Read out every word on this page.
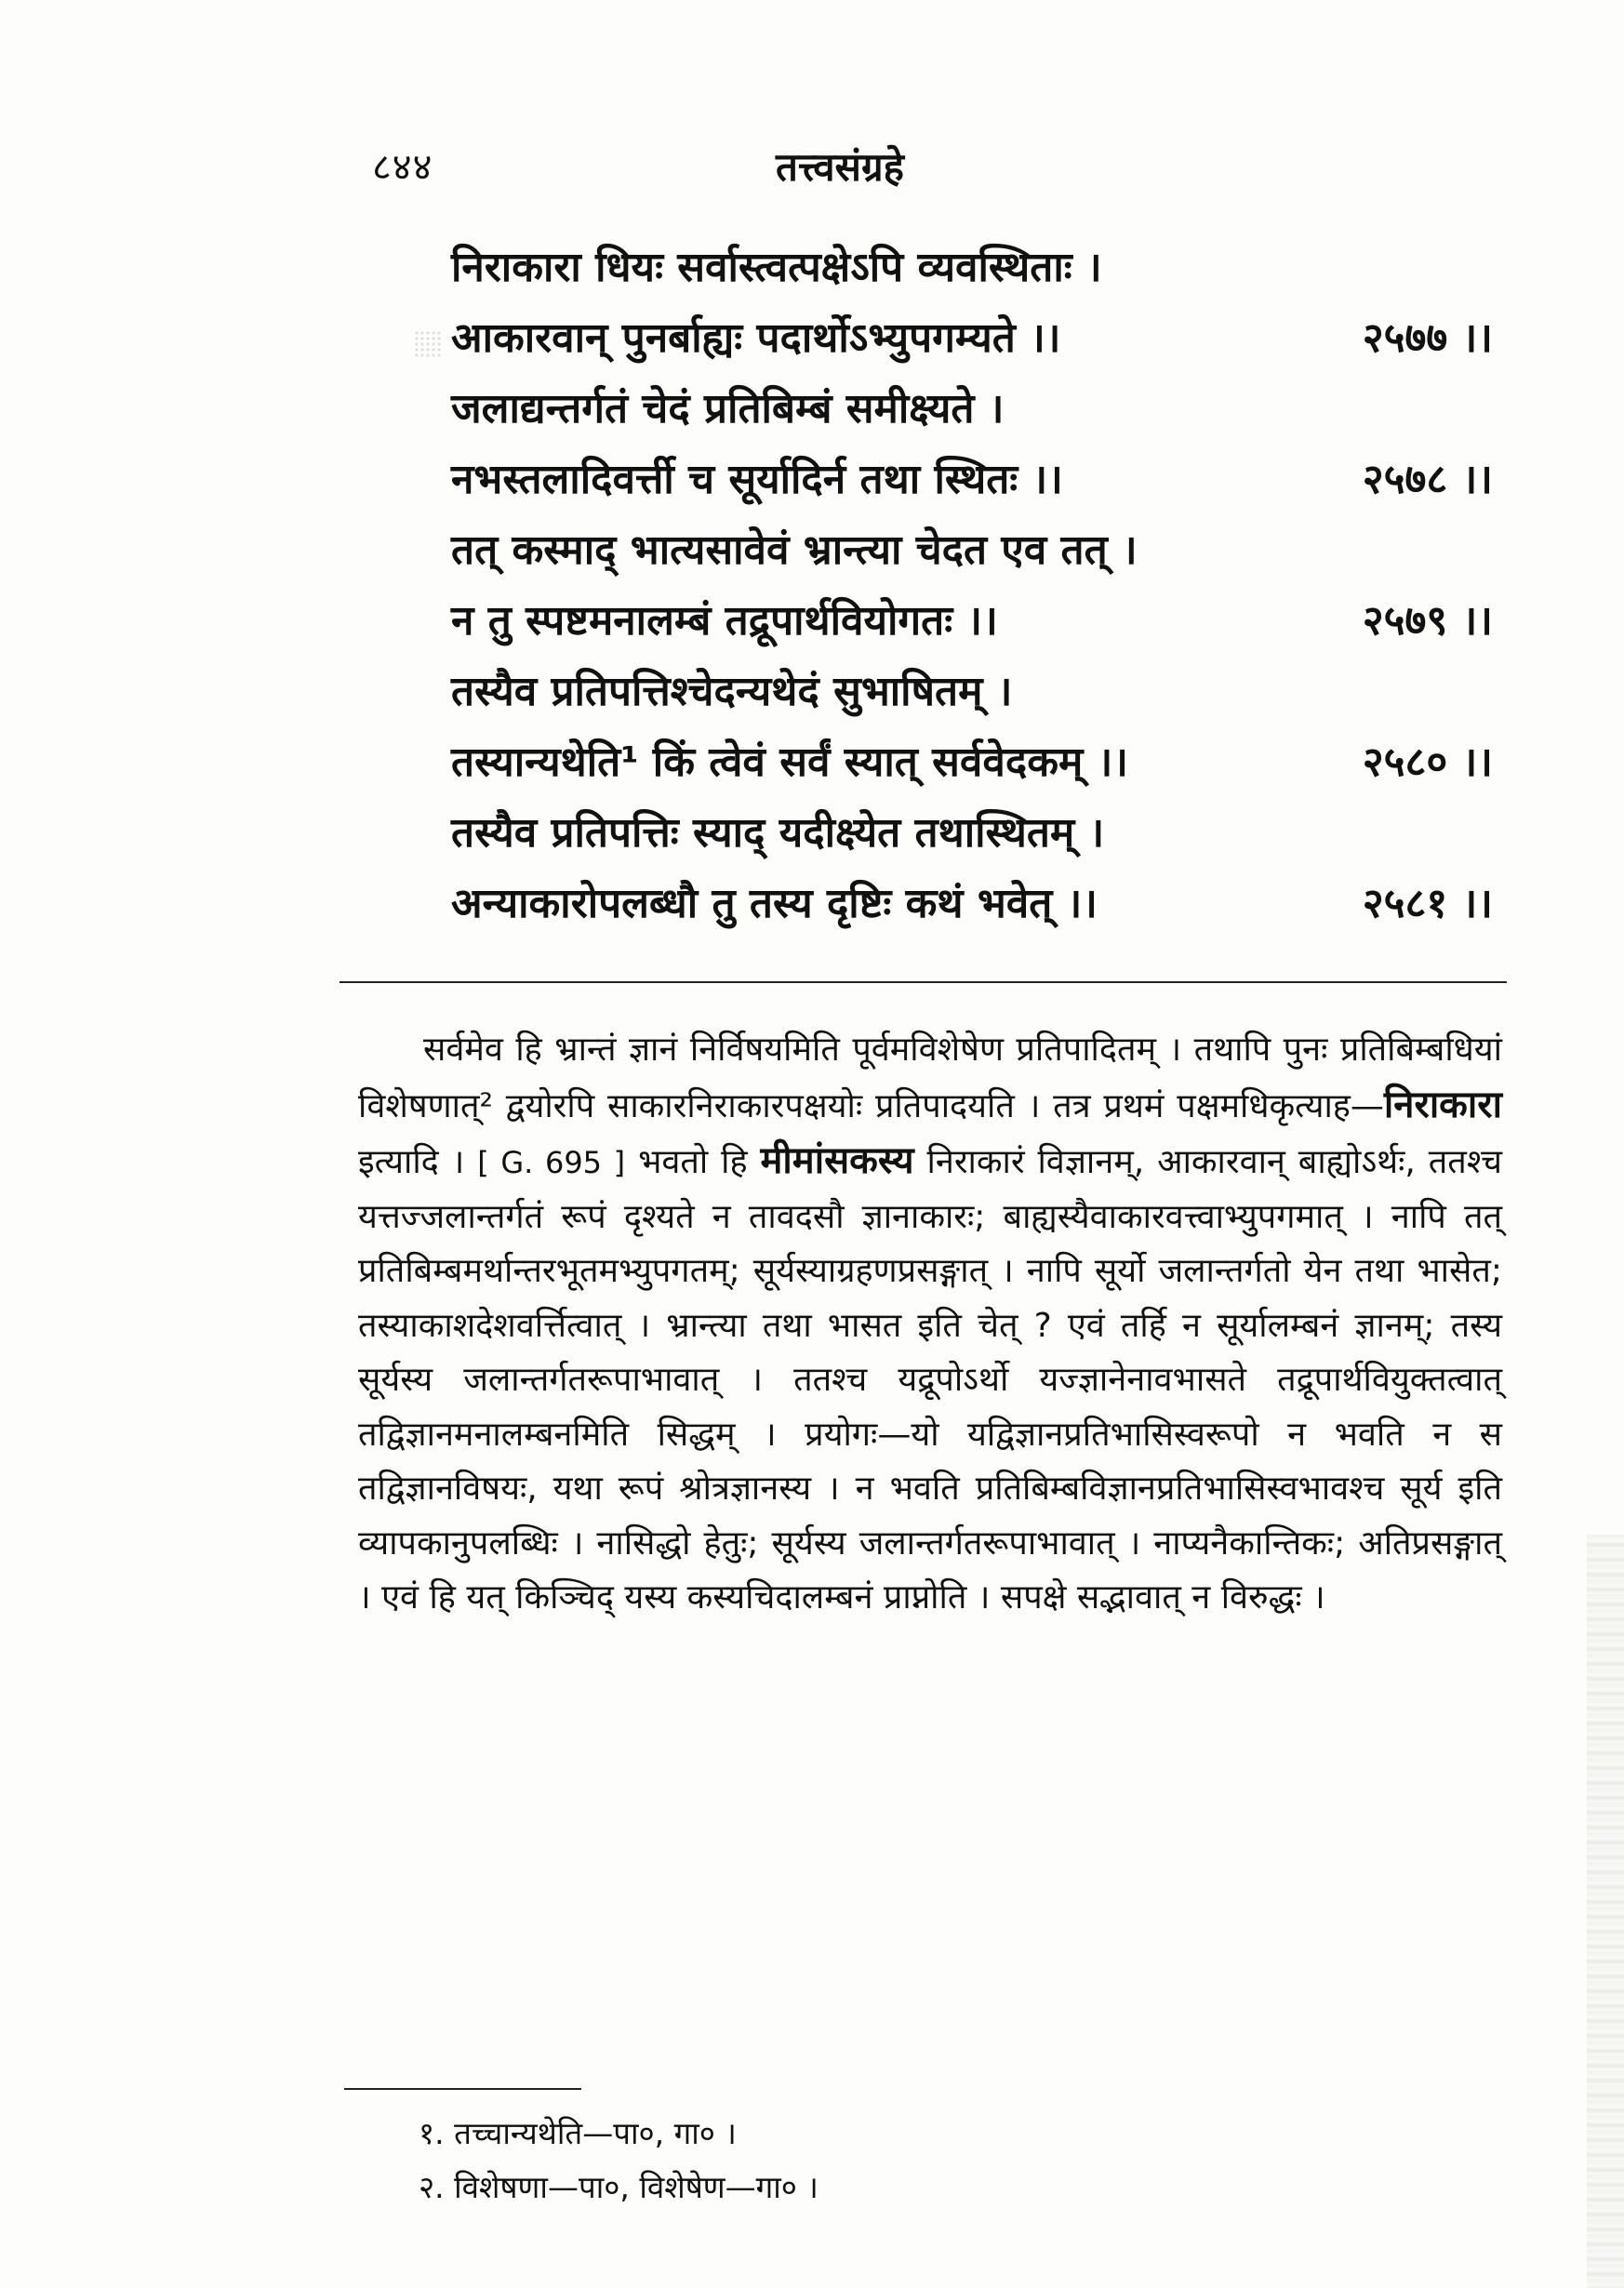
८४४	तत्त्वसंग्रहे
निराकारा धियः सर्वास्त्वत्पक्षेऽपि व्यवस्थिताः ।
आकारवान् पुनर्बाह्यः पदार्थोऽभ्युपगम्यते ।।	२५७७ ।।
जलाद्यन्तर्गतं चेदं प्रतिबिम्बं समीक्ष्यते ।
नभस्तलादिवर्त्ती च सूर्यादिर्न तथा स्थितः ।।	२५७८ ।।
तत् कस्माद् भात्यसावेवं भ्रान्त्या चेदत एव तत् ।
न तु स्पष्टमनालम्बं तद्रूपार्थवियोगतः ।।	२५७९ ।।
तस्यैव प्रतिपत्तिश्चेदन्यथेदं सुभाषितम् ।
तस्यान्यथेति¹ किं त्वेवं सर्वं स्यात् सर्ववेदकम् ।।	२५८० ।।
तस्यैव प्रतिपत्तिः स्याद् यदीक्ष्येत तथास्थितम् ।
अन्याकारोपलब्धौ तु तस्य दृष्टिः कथं भवेत् ।।	२५८१ ।।

सर्वमेव हि भ्रान्तं ज्ञानं निर्विषयमिति पूर्वमविशेषेण प्रतिपादितम् । तथापि पुनः प्रतिबिम्बधियां विशेषणात्² द्वयोरपि साकारनिराकारपक्षयोः प्रतिपादयति । तत्र प्रथमं पक्षमधिकृत्याह—निराकारा इत्यादि । [ G. 695 ] भवतो हि मीमांसकस्य निराकारं विज्ञानम्, आकारवान् बाह्योऽर्थः, ततश्च यत्तज्जलान्तर्गतं रूपं दृश्यते न तावदसौ ज्ञानाकारः; बाह्यस्यैवाकारवत्त्वाभ्युपगमात् । नापि तत् प्रतिबिम्बमर्थान्तरभूतमभ्युपगतम्; सूर्यस्याग्रहणप्रसङ्गात् । नापि सूर्यो जलान्तर्गतो येन तथा भासेत; तस्याकाशदेशवर्त्तित्वात् । भ्रान्त्या तथा भासत इति चेत् ? एवं तर्हि न सूर्यालम्बनं ज्ञानम्; तस्य सूर्यस्य जलान्तर्गतरूपाभावात् । ततश्च यद्रूपोऽर्थो यज्ज्ञानेनावभासते तद्रूपार्थवियुक्तत्वात् तद्विज्ञानमनालम्बनमिति सिद्धम् । प्रयोगः—यो यद्विज्ञानप्रतिभासिस्वरूपो न भवति न स तद्विज्ञानविषयः, यथा रूपं श्रोत्रज्ञानस्य । न भवति प्रतिबिम्बविज्ञानप्रतिभासिस्वभावश्च सूर्य इति व्यापकानुपलब्धिः । नासिद्धो हेतुः; सूर्यस्य जलान्तर्गतरूपाभावात् । नाप्यनैकान्तिकः; अतिप्रसङ्गात् । एवं हि यत् किञ्चिद् यस्य कस्यचिदालम्बनं प्राप्नोति । सपक्षे सद्भावात् न विरुद्धः ।

१. तच्चान्यथेति—पा०, गा० ।
२. विशेषणा—पा०, विशेषेण—गा० ।
